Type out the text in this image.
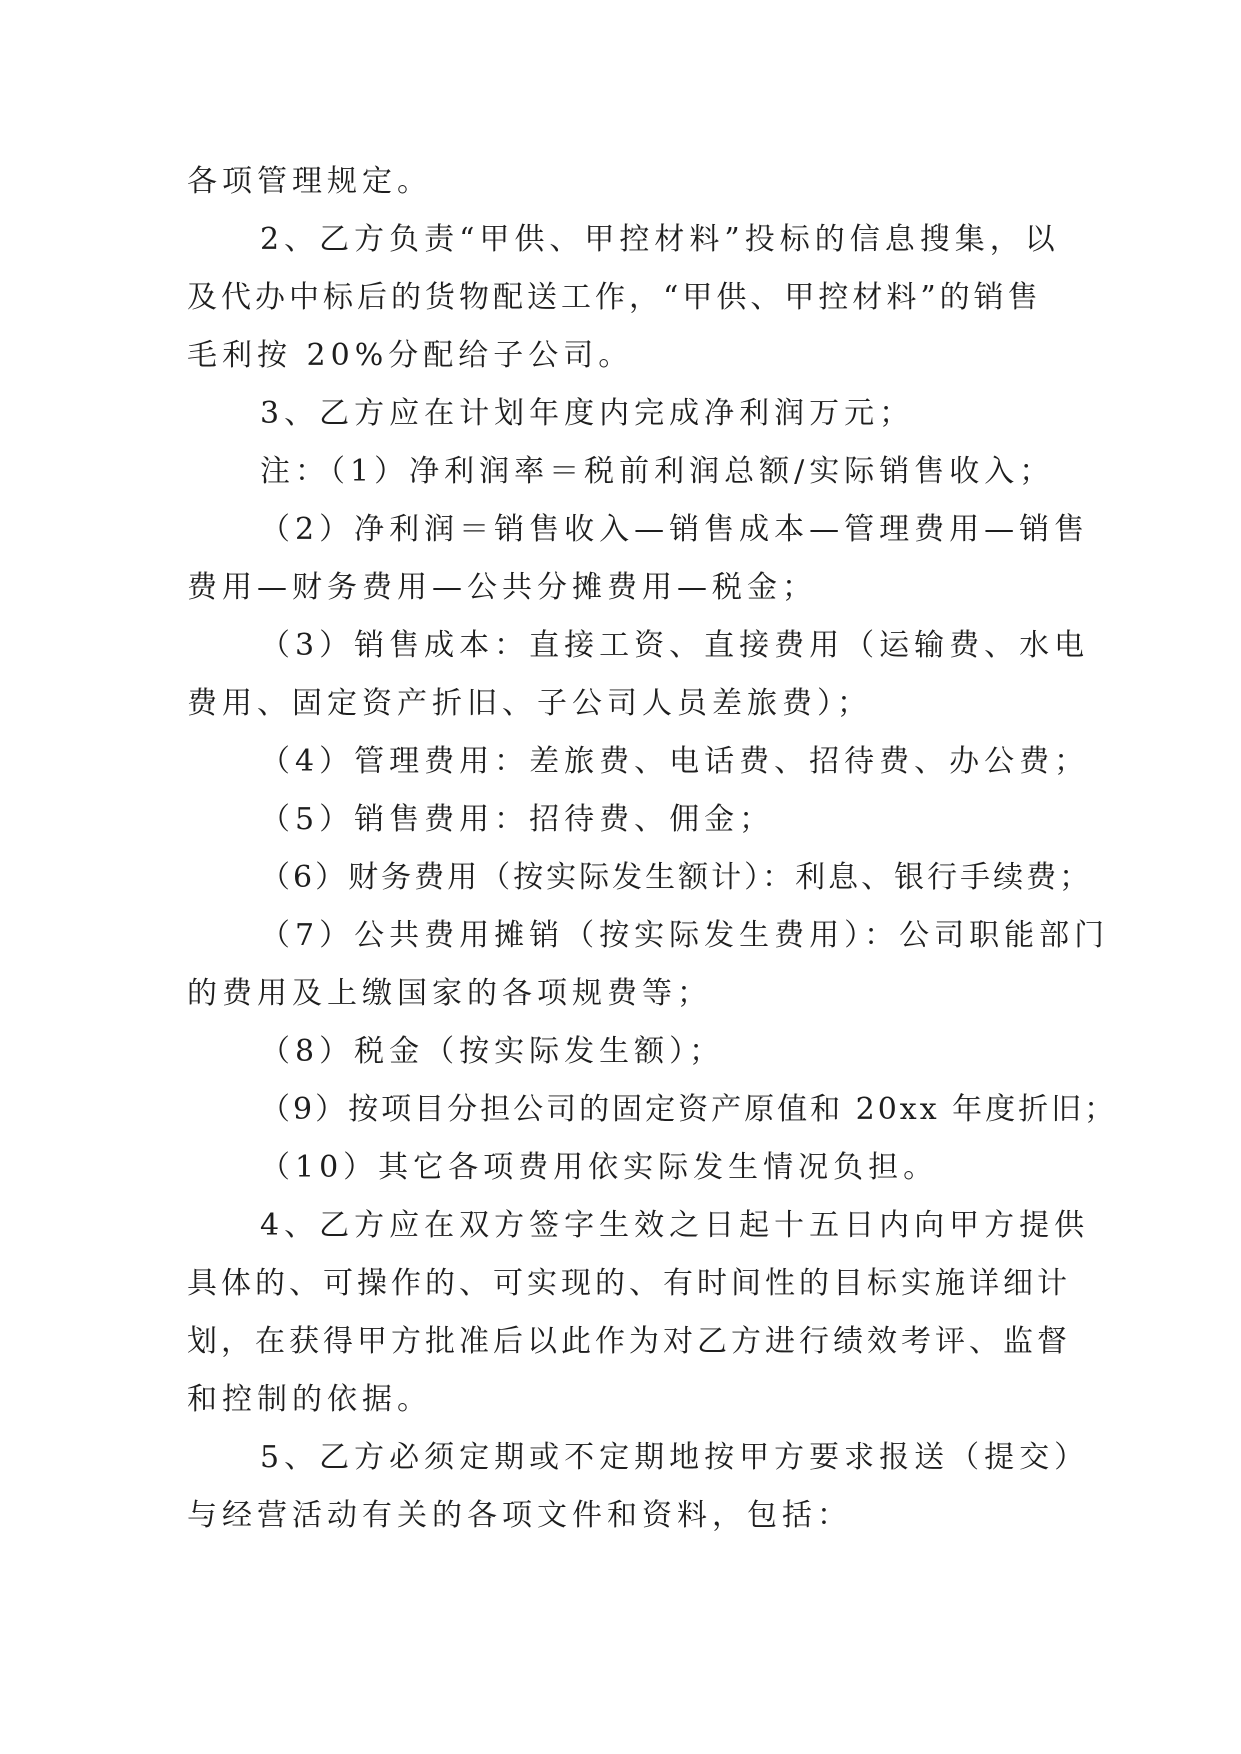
各项管理规定。
2、乙方负责“甲供、甲控材料”投标的信息搜集，以
及代办中标后的货物配送工作，“甲供、甲控材料”的销售
毛利按 20%分配给子公司。
3、乙方应在计划年度内完成净利润万元；
注：（1）净利润率＝税前利润总额/实际销售收入；
（2）净利润＝销售收入—销售成本—管理费用—销售
费用—财务费用—公共分摊费用—税金；
（3）销售成本：直接工资、直接费用（运输费、水电
费用、固定资产折旧、子公司人员差旅费）；
（4）管理费用：差旅费、电话费、招待费、办公费；
（5）销售费用：招待费、佣金；
（6）财务费用（按实际发生额计）：利息、银行手续费；
（7）公共费用摊销（按实际发生费用）：公司职能部门
的费用及上缴国家的各项规费等；
（8）税金（按实际发生额）；
（9）按项目分担公司的固定资产原值和 20xx 年度折旧；
（10）其它各项费用依实际发生情况负担。
4、乙方应在双方签字生效之日起十五日内向甲方提供
具体的、可操作的、可实现的、有时间性的目标实施详细计
划，在获得甲方批准后以此作为对乙方进行绩效考评、监督
和控制的依据。
5、乙方必须定期或不定期地按甲方要求报送（提交）
与经营活动有关的各项文件和资料，包括：
